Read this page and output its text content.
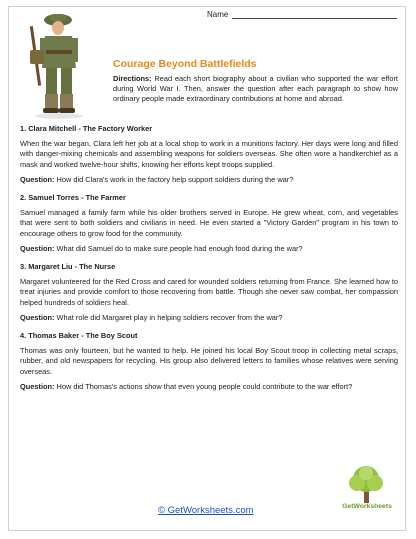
Name
Courage Beyond Battlefields
Directions: Read each short biography about a civilian who supported the war effort during World War I. Then, answer the question after each paragraph to show how ordinary people made extraordinary contributions at home and abroad.
1. Clara Mitchell - The Factory Worker
When the war began, Clara left her job at a local shop to work in a munitions factory. Her days were long and filled with danger-mixing chemicals and assembling weapons for soldiers overseas. She often wore a handkerchief as a mask and worked twelve-hour shifts, knowing her efforts kept troops supplied.
Question: How did Clara's work in the factory help support soldiers during the war?
2. Samuel Torres - The Farmer
Samuel managed a family farm while his older brothers served in Europe. He grew wheat, corn, and vegetables that were sent to both soldiers and civilians in need. He even started a "Victory Garden" program in his town to encourage others to grow food for the community.
Question: What did Samuel do to make sure people had enough food during the war?
3. Margaret Liu - The Nurse
Margaret volunteered for the Red Cross and cared for wounded soldiers returning from France. She learned how to treat injuries and provide comfort to those recovering from battle. Though she never saw combat, her compassion helped hundreds of soldiers heal.
Question: What role did Margaret play in helping soldiers recover from the war?
4. Thomas Baker - The Boy Scout
Thomas was only fourteen, but he wanted to help. He joined his local Boy Scout troop in collecting metal scraps, rubber, and old newspapers for recycling. His group also delivered letters to families whose relatives were serving overseas.
Question: How did Thomas's actions show that even young people could contribute to the war effort?
GetWorksheets
© GetWorksheets.com
